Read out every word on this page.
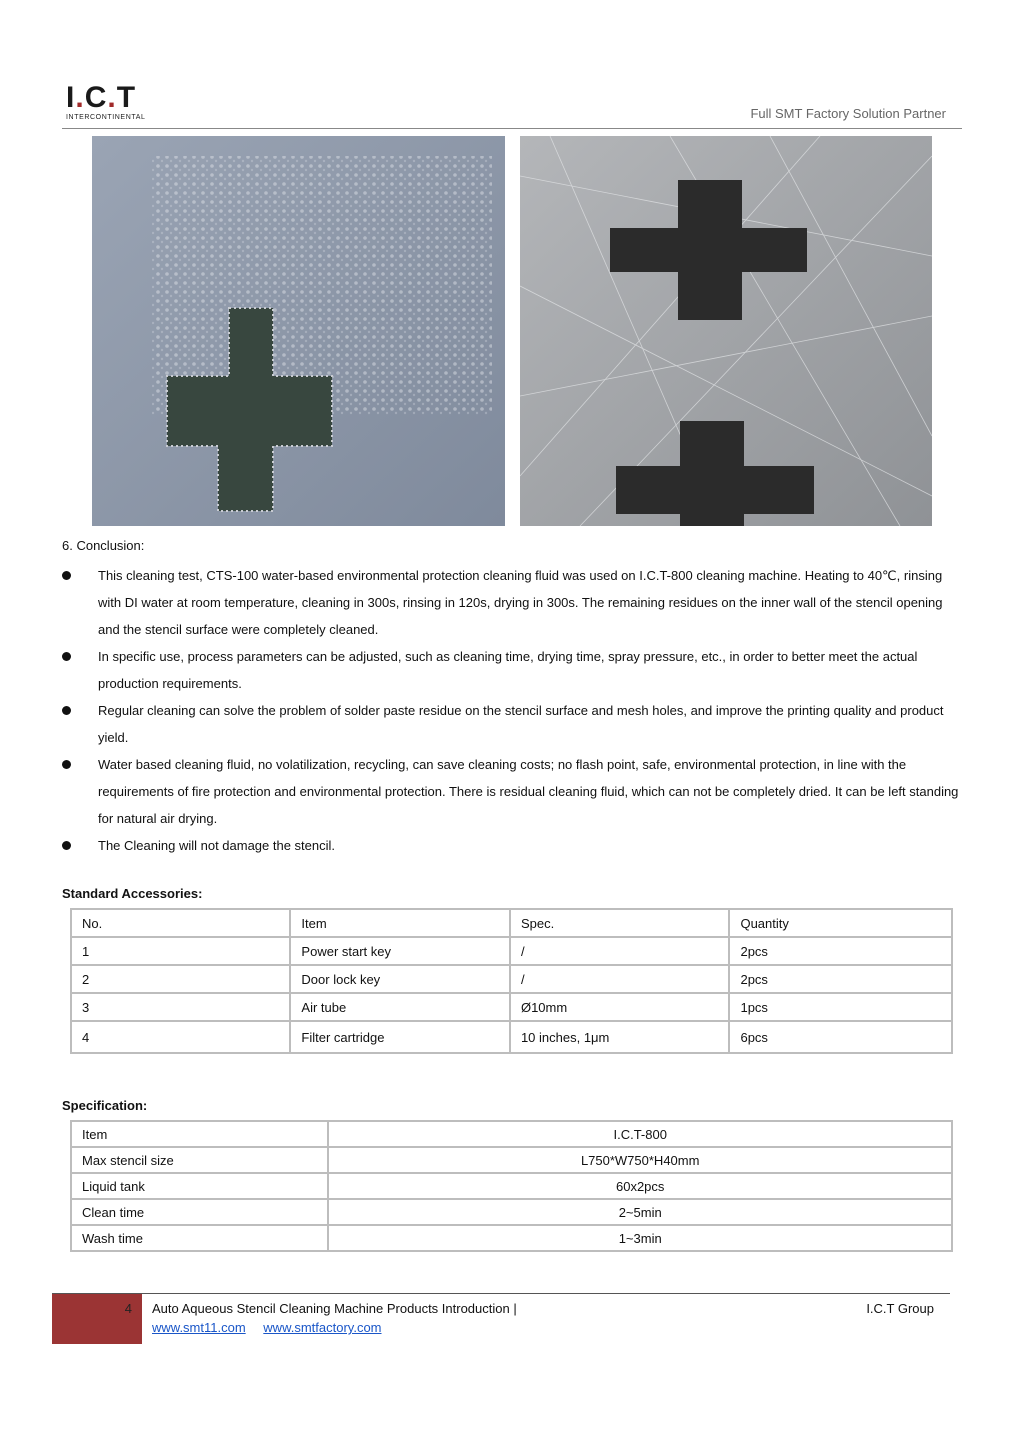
I.C.T
INTERCONTINENTAL	Full SMT Factory Solution Partner
6. Conclusion:
This cleaning test, CTS-100 water-based environmental protection cleaning fluid was used on I.C.T-800 cleaning machine. Heating to 40℃, rinsing with DI water at room temperature, cleaning in 300s, rinsing in 120s, drying in 300s. The remaining residues on the inner wall of the stencil opening and the stencil surface were completely cleaned.
In specific use, process parameters can be adjusted, such as cleaning time, drying time, spray pressure, etc., in order to better meet the actual production requirements.
Regular cleaning can solve the problem of solder paste residue on the stencil surface and mesh holes, and improve the printing quality and product yield.
Water based cleaning fluid, no volatilization, recycling, can save cleaning costs; no flash point, safe, environmental protection, in line with the requirements of fire protection and environmental protection. There is residual cleaning fluid, which can not be completely dried. It can be left standing for natural air drying.
The Cleaning will not damage the stencil.
Standard Accessories:
No.	Item	Spec.	Quantity
1	Power start key	/	2pcs
2	Door lock key	/	2pcs
3	Air tube	Ø10mm	1pcs
4	Filter cartridge	10 inches, 1μm	6pcs
Specification:
Item	I.C.T-800
Max stencil size	L750*W750*H40mm
Liquid tank	60x2pcs
Clean time	2~5min
Wash time	1~3min
4 Auto Aqueous Stencil Cleaning Machine Products Introduction |	I.C.T Group
www.smt11.com www.smtfactory.com
